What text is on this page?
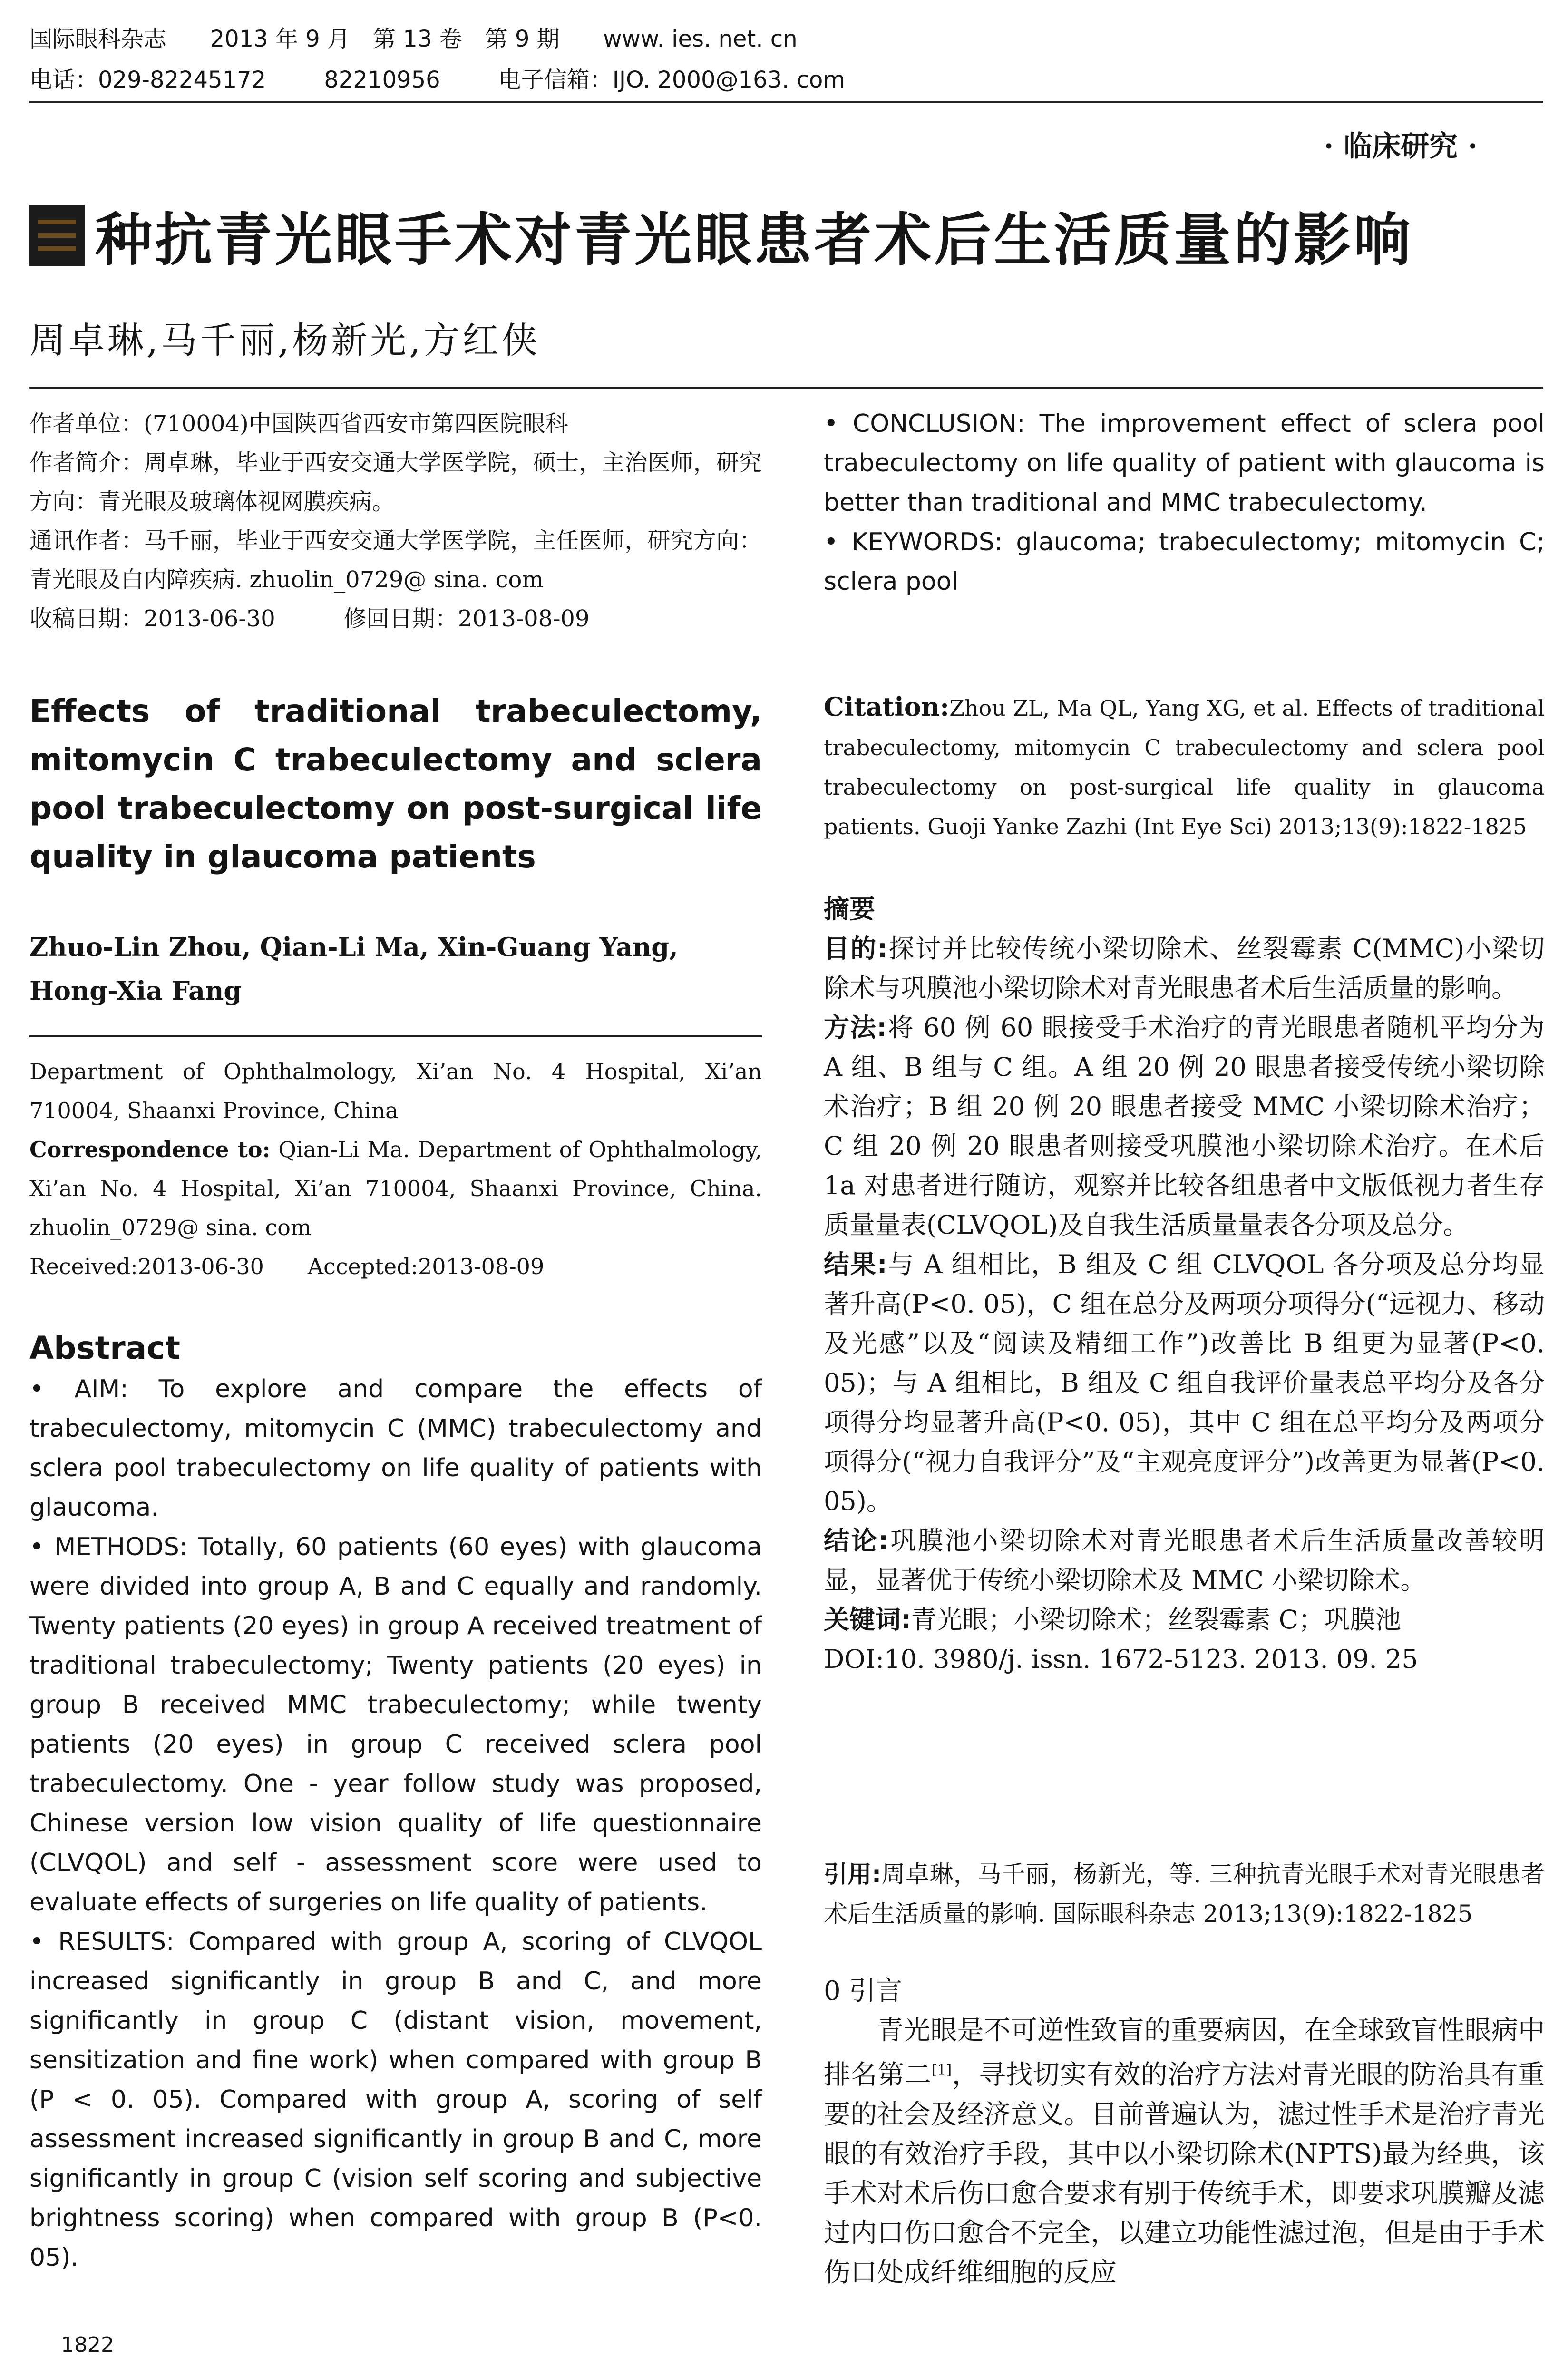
国际眼科杂志 2013 年 9 月　第 13 卷　第 9 期 www. ies. net. cn
电话：029-82245172	82210956	电子信箱：IJO. 2000@163. com
· 临床研究 ·
种抗青光眼手术对青光眼患者术后生活质量的影响
周卓琳,马千丽,杨新光,方红侠

作者单位：(710004)中国陕西省西安市第四医院眼科

作者简介：周卓琳，毕业于西安交通大学医学院，硕士，主治医师，研究方向：青光眼及玻璃体视网膜疾病。

通讯作者：马千丽，毕业于西安交通大学医学院，主任医师，研究方向：青光眼及白内障疾病. zhuolin_0729@ sina. com

收稿日期：2013-06-30　　　修回日期：2013-08-09

Effects of traditional trabeculectomy, mitomycin C trabeculectomy and sclera pool trabeculectomy on post-surgical life quality in glaucoma patients

Zhuo-Lin Zhou, Qian-Li Ma, Xin-Guang Yang, Hong-Xia Fang

Department of Ophthalmology, Xi’an No. 4 Hospital, Xi’an 710004, Shaanxi Province, China

Correspondence to: Qian-Li Ma. Department of Ophthalmology, Xi’an No. 4 Hospital, Xi’an 710004, Shaanxi Province, China. zhuolin_0729@ sina. com

Received:2013-06-30　　Accepted:2013-08-09

Abstract

• AIM: To explore and compare the effects of trabeculectomy, mitomycin C (MMC) trabeculectomy and sclera pool trabeculectomy on life quality of patients with glaucoma.

• METHODS: Totally, 60 patients (60 eyes) with glaucoma were divided into group A, B and C equally and randomly. Twenty patients (20 eyes) in group A received treatment of traditional trabeculectomy; Twenty patients (20 eyes) in group B received MMC trabeculectomy; while twenty patients (20 eyes) in group C received sclera pool trabeculectomy. One - year follow study was proposed, Chinese version low vision quality of life questionnaire (CLVQOL) and self - assessment score were used to evaluate effects of surgeries on life quality of patients.

• RESULTS: Compared with group A, scoring of CLVQOL increased significantly in group B and C, and more significantly in group C (distant vision, movement, sensitization and fine work) when compared with group B (P < 0. 05). Compared with group A, scoring of self assessment increased significantly in group B and C, more significantly in group C (vision self scoring and subjective brightness scoring) when compared with group B (P<0. 05).

1822

• CONCLUSION: The improvement effect of sclera pool trabeculectomy on life quality of patient with glaucoma is better than traditional and MMC trabeculectomy.

• KEYWORDS: glaucoma; trabeculectomy; mitomycin C; sclera pool

Citation:Zhou ZL, Ma QL, Yang XG, et al. Effects of traditional trabeculectomy, mitomycin C trabeculectomy and sclera pool trabeculectomy on post-surgical life quality in glaucoma patients. Guoji Yanke Zazhi (Int Eye Sci) 2013;13(9):1822-1825

摘要

目的:探讨并比较传统小梁切除术、丝裂霉素 C(MMC)小梁切除术与巩膜池小梁切除术对青光眼患者术后生活质量的影响。

方法:将 60 例 60 眼接受手术治疗的青光眼患者随机平均分为 A 组、B 组与 C 组。A 组 20 例 20 眼患者接受传统小梁切除术治疗；B 组 20 例 20 眼患者接受 MMC 小梁切除术治疗；C 组 20 例 20 眼患者则接受巩膜池小梁切除术治疗。在术后 1a 对患者进行随访，观察并比较各组患者中文版低视力者生存质量量表(CLVQOL)及自我生活质量量表各分项及总分。

结果:与 A 组相比，B 组及 C 组 CLVQOL 各分项及总分均显著升高(P<0. 05)，C 组在总分及两项分项得分(“远视力、移动及光感”以及“阅读及精细工作”)改善比 B 组更为显著(P<0. 05)；与 A 组相比，B 组及 C 组自我评价量表总平均分及各分项得分均显著升高(P<0. 05)，其中 C 组在总平均分及两项分项得分(“视力自我评分”及“主观亮度评分”)改善更为显著(P<0. 05)。

结论:巩膜池小梁切除术对青光眼患者术后生活质量改善较明显，显著优于传统小梁切除术及 MMC 小梁切除术。

关键词:青光眼；小梁切除术；丝裂霉素 C；巩膜池

DOI:10. 3980/j. issn. 1672-5123. 2013. 09. 25

引用:周卓琳，马千丽，杨新光，等. 三种抗青光眼手术对青光眼患者术后生活质量的影响. 国际眼科杂志 2013;13(9):1822-1825

0 引言

青光眼是不可逆性致盲的重要病因，在全球致盲性眼病中排名第二[1]，寻找切实有效的治疗方法对青光眼的防治具有重要的社会及经济意义。目前普遍认为，滤过性手术是治疗青光眼的有效治疗手段，其中以小梁切除术(NPTS)最为经典，该手术对术后伤口愈合要求有别于传统手术，即要求巩膜瓣及滤过内口伤口愈合不完全，以建立功能性滤过泡，但是由于手术伤口处成纤维细胞的反应
